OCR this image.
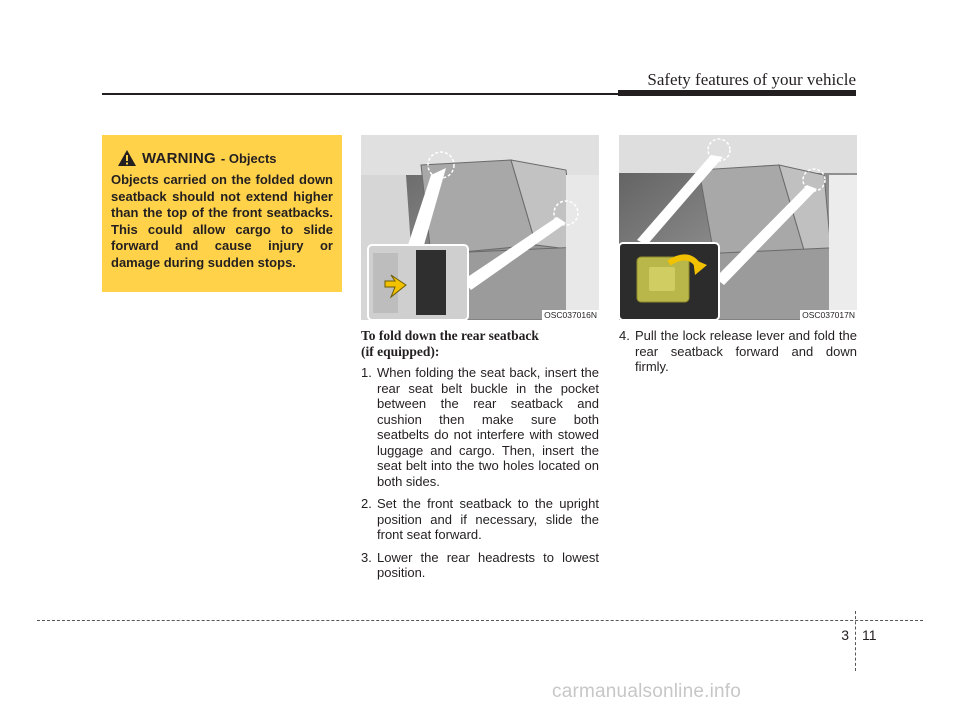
Safety features of your vehicle
WARNING - Objects
Objects carried on the folded down seatback should not extend higher than the top of the front seatbacks. This could allow cargo to slide forward and cause injury or damage during sudden stops.
OSC037016N	OSC037017N
To fold down the rear seatback
(if equipped):
1. When folding the seat back, insert the rear seat belt buckle in the pocket between the rear seatback and cushion then make sure both seatbelts do not interfere with stowed luggage and cargo. Then, insert the seat belt into the two holes located on both sides.
2. Set the front seatback to the upright position and if necessary, slide the front seat forward.
3. Lower the rear headrests to lowest position.
4. Pull the lock release lever and fold the rear seatback forward and down firmly.
3 11
carmanualsonline.info
